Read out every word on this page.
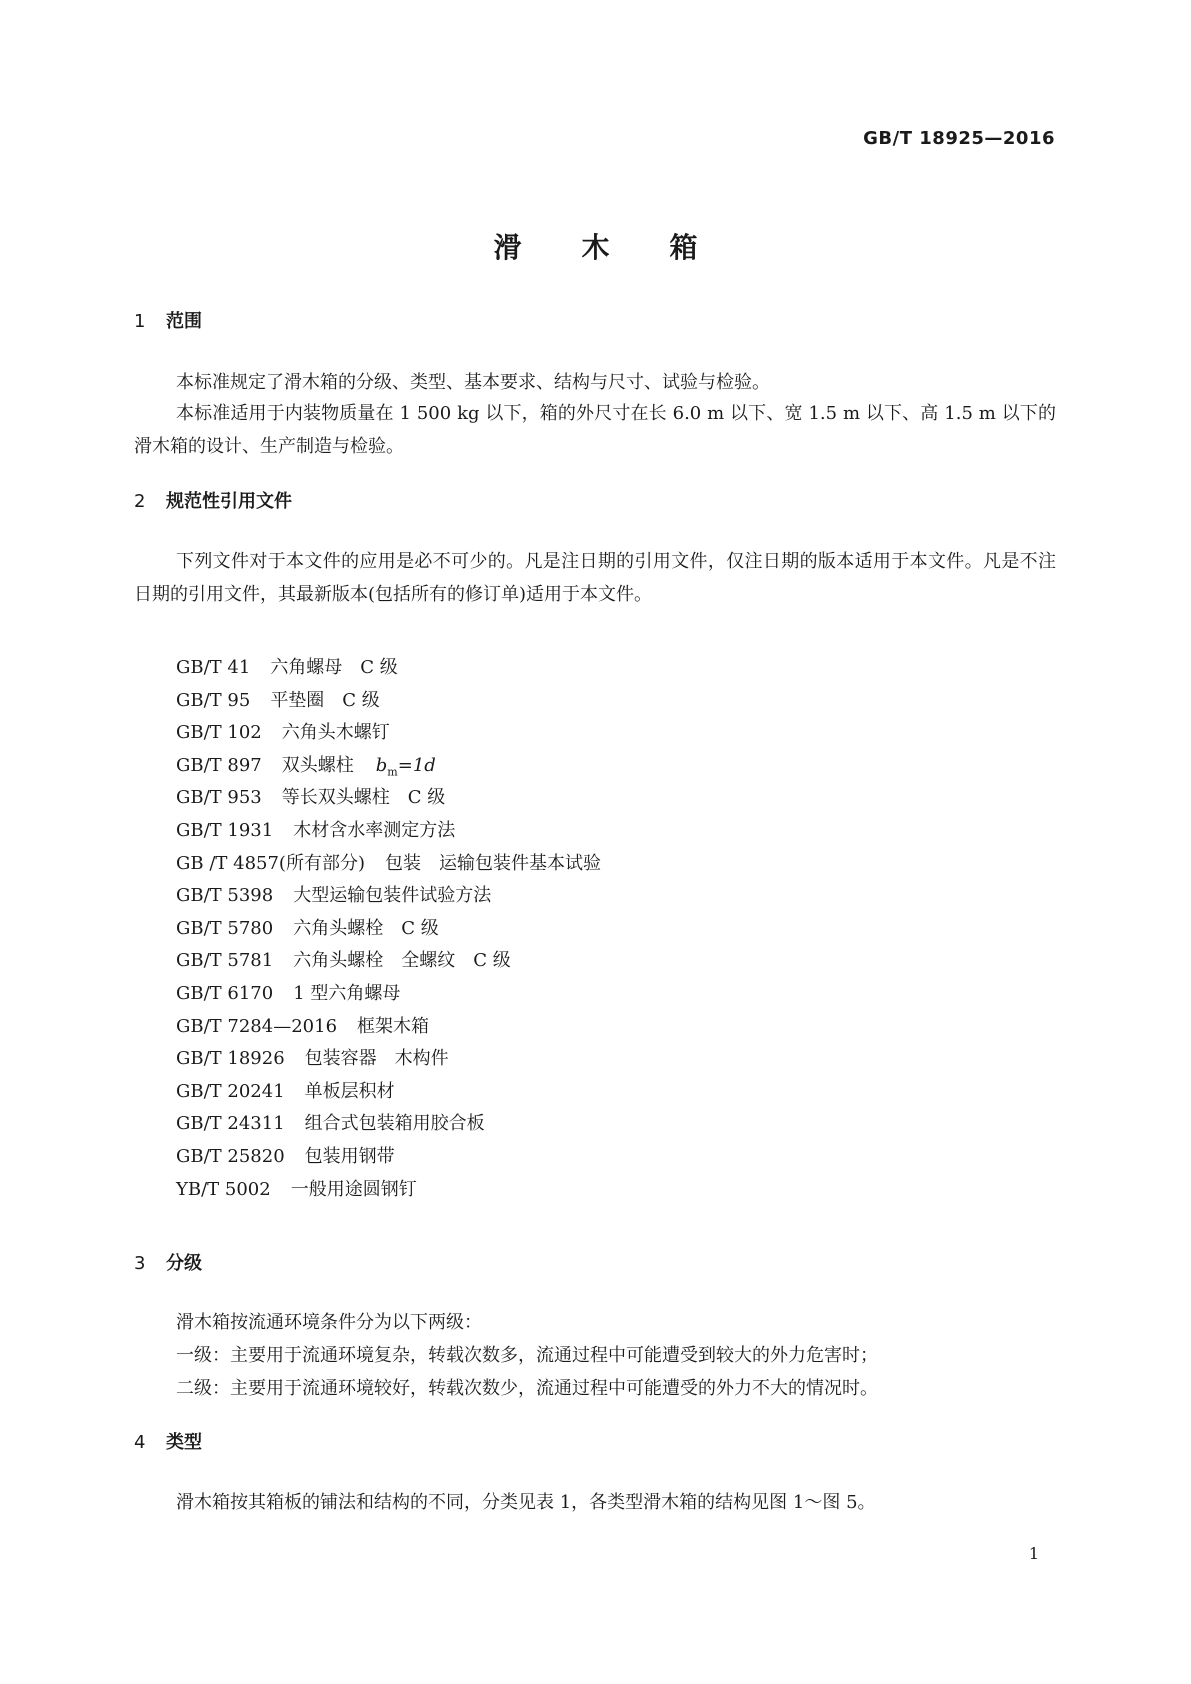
GB/T 18925—2016
滑木箱
1 范围

本标准规定了滑木箱的分级、类型、基本要求、结构与尺寸、试验与检验。

本标准适用于内装物质量在 1 500 kg 以下，箱的外尺寸在长 6.0 m 以下、宽 1.5 m 以下、高 1.5 m 以下的滑木箱的设计、生产制造与检验。

2 规范性引用文件

下列文件对于本文件的应用是必不可少的。凡是注日期的引用文件，仅注日期的版本适用于本文件。凡是不注日期的引用文件，其最新版本(包括所有的修订单)适用于本文件。

GB/T 41 六角螺母　C 级
GB/T 95 平垫圈　C 级
GB/T 102 六角头木螺钉
GB/T 897 双头螺柱 $b_m=1d$
GB/T 953 等长双头螺柱　C 级
GB/T 1931 木材含水率测定方法
GB /T 4857(所有部分) 包装　运输包装件基本试验
GB/T 5398 大型运输包装件试验方法
GB/T 5780 六角头螺栓　C 级
GB/T 5781 六角头螺栓　全螺纹　C 级
GB/T 6170 1 型六角螺母
GB/T 7284—2016 框架木箱
GB/T 18926 包装容器　木构件
GB/T 20241 单板层积材
GB/T 24311 组合式包装箱用胶合板
GB/T 25820 包装用钢带
YB/T 5002 一般用途圆钢钉
3 分级
滑木箱按流通环境条件分为以下两级：
一级：主要用于流通环境复杂，转载次数多，流通过程中可能遭受到较大的外力危害时；
二级：主要用于流通环境较好，转载次数少，流通过程中可能遭受的外力不大的情况时。
4 类型

滑木箱按其箱板的铺法和结构的不同，分类见表 1，各类型滑木箱的结构见图 1～图 5。

1
